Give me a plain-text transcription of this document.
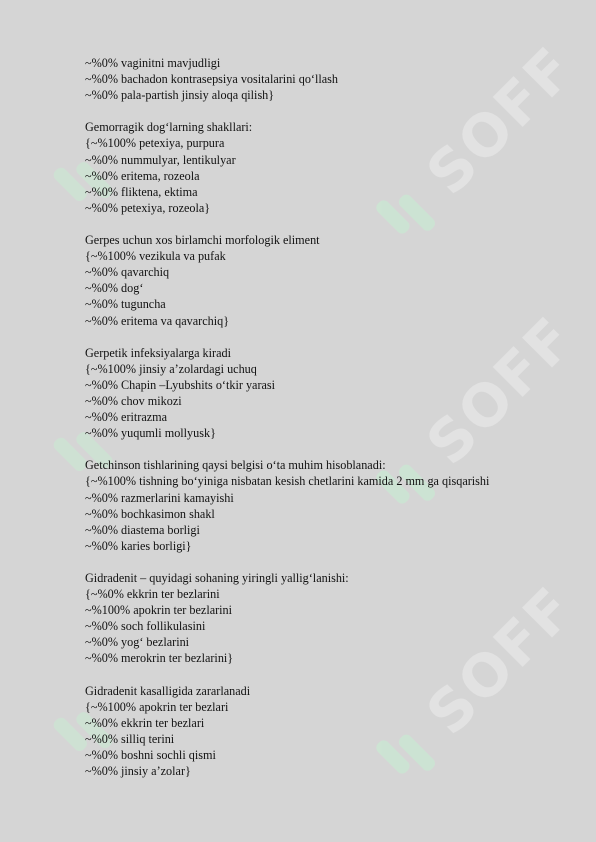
SOFF
SOFF
SOFF
~%0% vaginitni mavjudligi
~%0% bachadon kontrasepsiya vositalarini qo‘llash
~%0% pala-partish jinsiy aloqa qilish}
Gemorragik dog‘larning shakllari:
{~%100% petexiya, purpura
~%0% nummulyar, lentikulyar
~%0% eritema, rozeola
~%0% fliktena, ektima
~%0% petexiya, rozeola}
Gerpes uchun xos birlamchi morfologik eliment
{~%100% vezikula va pufak
~%0% qavarchiq
~%0% dog‘
~%0% tuguncha
~%0% eritema va qavarchiq}
Gerpetik infeksiyalarga kiradi
{~%100% jinsiy a’zolardagi uchuq
~%0% Chapin –Lyubshits o‘tkir yarasi
~%0% chov mikozi
~%0% eritrazma
~%0% yuqumli mollyusk}
Getchinson tishlarining qaysi belgisi o‘ta muhim hisoblanadi:
{~%100% tishning bo‘yiniga nisbatan kesish chetlarini kamida 2 mm ga qisqarishi
~%0% razmerlarini kamayishi
~%0% bochkasimon shakl
~%0% diastema borligi
~%0% karies borligi}
Gidradenit – quyidagi sohaning yiringli yallig‘lanishi:
{~%0% ekkrin ter bezlarini
~%100% apokrin ter bezlarini
~%0% soch follikulasini
~%0% yog‘ bezlarini
~%0% merokrin ter bezlarini}
Gidradenit kasalligida zararlanadi
{~%100% apokrin ter bezlari
~%0% ekkrin ter bezlari
~%0% silliq terini
~%0% boshni sochli qismi
~%0% jinsiy a’zolar}
